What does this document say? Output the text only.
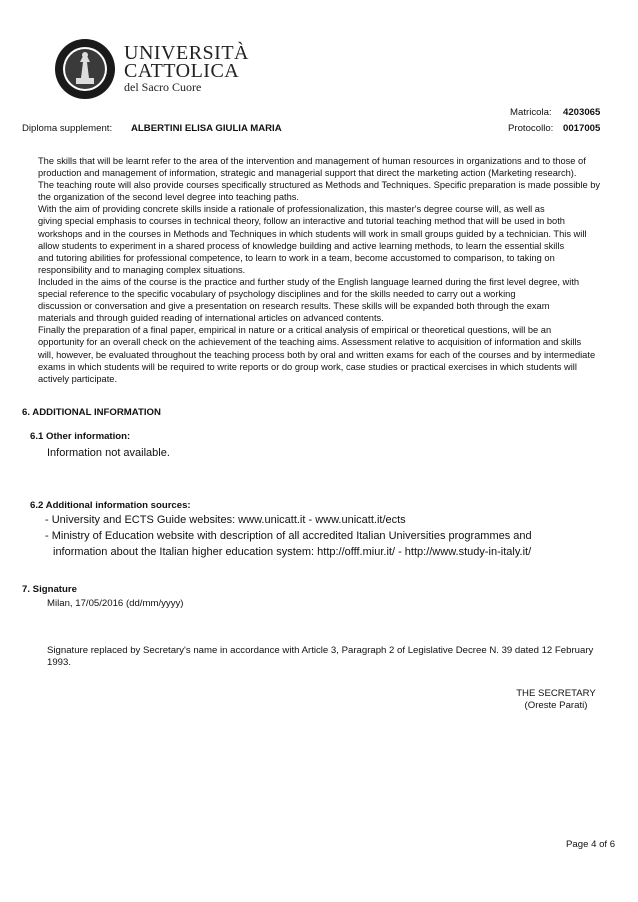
UNIVERSITÀ
CATTOLICA
del Sacro Cuore
Matricola: 4203065
Diploma supplement: ALBERTINI ELISA GIULIA MARIA	Protocollo: 0017005

The skills that will be learnt refer to the area of the intervention and management of human resources in organizations and to those of

production and management of information, strategic and managerial support that direct the marketing action (Marketing research).

The teaching route will also provide courses specifically structured as Methods and Techniques. Specific preparation is made possible by

the organization of the second level degree into teaching paths.

With the aim of providing concrete skills inside a rationale of professionalization, this master's degree course will, as well as

giving special emphasis to courses in technical theory, follow an interactive and tutorial teaching method that will be used in both

workshops and in the courses in Methods and Techniques in which students will work in small groups guided by a technician. This will

allow students to experiment in a shared process of knowledge building and active learning methods, to learn the essential skills

and tutoring abilities for professional competence, to learn to work in a team, become accustomed to comparison, to taking on

responsibility and to managing complex situations.

Included in the aims of the course is the practice and further study of the English language learned during the first level degree, with

special reference to the specific vocabulary of psychology disciplines and for the skills needed to carry out a working

discussion or conversation and give a presentation on research results. These skills will be expanded both through the exam

materials and through guided reading of international articles on advanced contents.

Finally the preparation of a final paper, empirical in nature or a critical analysis of empirical or theoretical questions, will be an

opportunity for an overall check on the achievement of the teaching aims. Assessment relative to acquisition of information and skills

will, however, be evaluated throughout the teaching process both by oral and written exams for each of the courses and by intermediate

exams in which students will be required to write reports or do group work, case studies or practical exercises in which students will

actively participate.

6. ADDITIONAL INFORMATION
6.1 Other information:
Information not available.
6.2 Additional information sources:
- University and ECTS Guide websites: www.unicatt.it - www.unicatt.it/ects
- Ministry of Education website with description of all accredited Italian Universities programmes and
information about the Italian higher education system: http://offf.miur.it/ - http://www.study-in-italy.it/
7. Signature
Milan, 17/05/2016 (dd/mm/yyyy)
Signature replaced by Secretary's name in accordance with Article 3, Paragraph 2 of Legislative Decree N. 39 dated 12 February
1993.
THE SECRETARY
(Oreste Parati)
Page 4 of 6
